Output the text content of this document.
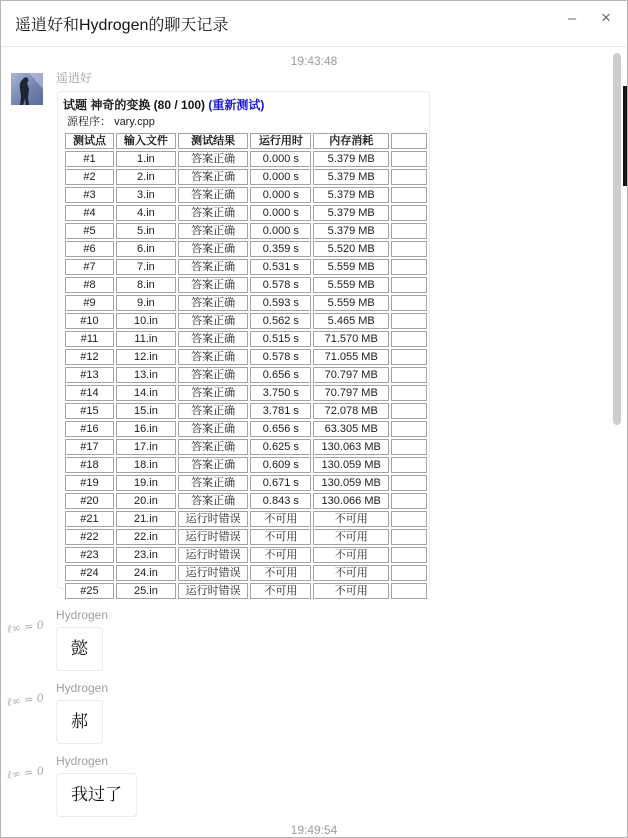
遥逍好和Hydrogen的聊天记录	–	×
19:43:48
遥逍好
试题 神奇的变换 (80 / 100) (重新测试)
源程序： vary.cpp
测试点	输入文件	测试结果	运行用时	内存消耗	
#1	1.in	答案正确	0.000 s	5.379 MB	
#2	2.in	答案正确	0.000 s	5.379 MB	
#3	3.in	答案正确	0.000 s	5.379 MB	
#4	4.in	答案正确	0.000 s	5.379 MB	
#5	5.in	答案正确	0.000 s	5.379 MB	
#6	6.in	答案正确	0.359 s	5.520 MB	
#7	7.in	答案正确	0.531 s	5.559 MB	
#8	8.in	答案正确	0.578 s	5.559 MB	
#9	9.in	答案正确	0.593 s	5.559 MB	
#10	10.in	答案正确	0.562 s	5.465 MB	
#11	11.in	答案正确	0.515 s	71.570 MB	
#12	12.in	答案正确	0.578 s	71.055 MB	
#13	13.in	答案正确	0.656 s	70.797 MB	
#14	14.in	答案正确	3.750 s	70.797 MB	
#15	15.in	答案正确	3.781 s	72.078 MB	
#16	16.in	答案正确	0.656 s	63.305 MB	
#17	17.in	答案正确	0.625 s	130.063 MB	
#18	18.in	答案正确	0.609 s	130.059 MB	
#19	19.in	答案正确	0.671 s	130.059 MB	
#20	20.in	答案正确	0.843 s	130.066 MB	
#21	21.in	运行时错误	不可用	不可用	
#22	22.in	运行时错误	不可用	不可用	
#23	23.in	运行时错误	不可用	不可用	
#24	24.in	运行时错误	不可用	不可用	
#25	25.in	运行时错误	不可用	不可用	
ℓ∞ = 0
Hydrogen
懿
ℓ∞ = 0
Hydrogen
郝
ℓ∞ = 0
Hydrogen
我过了
19:49:54
